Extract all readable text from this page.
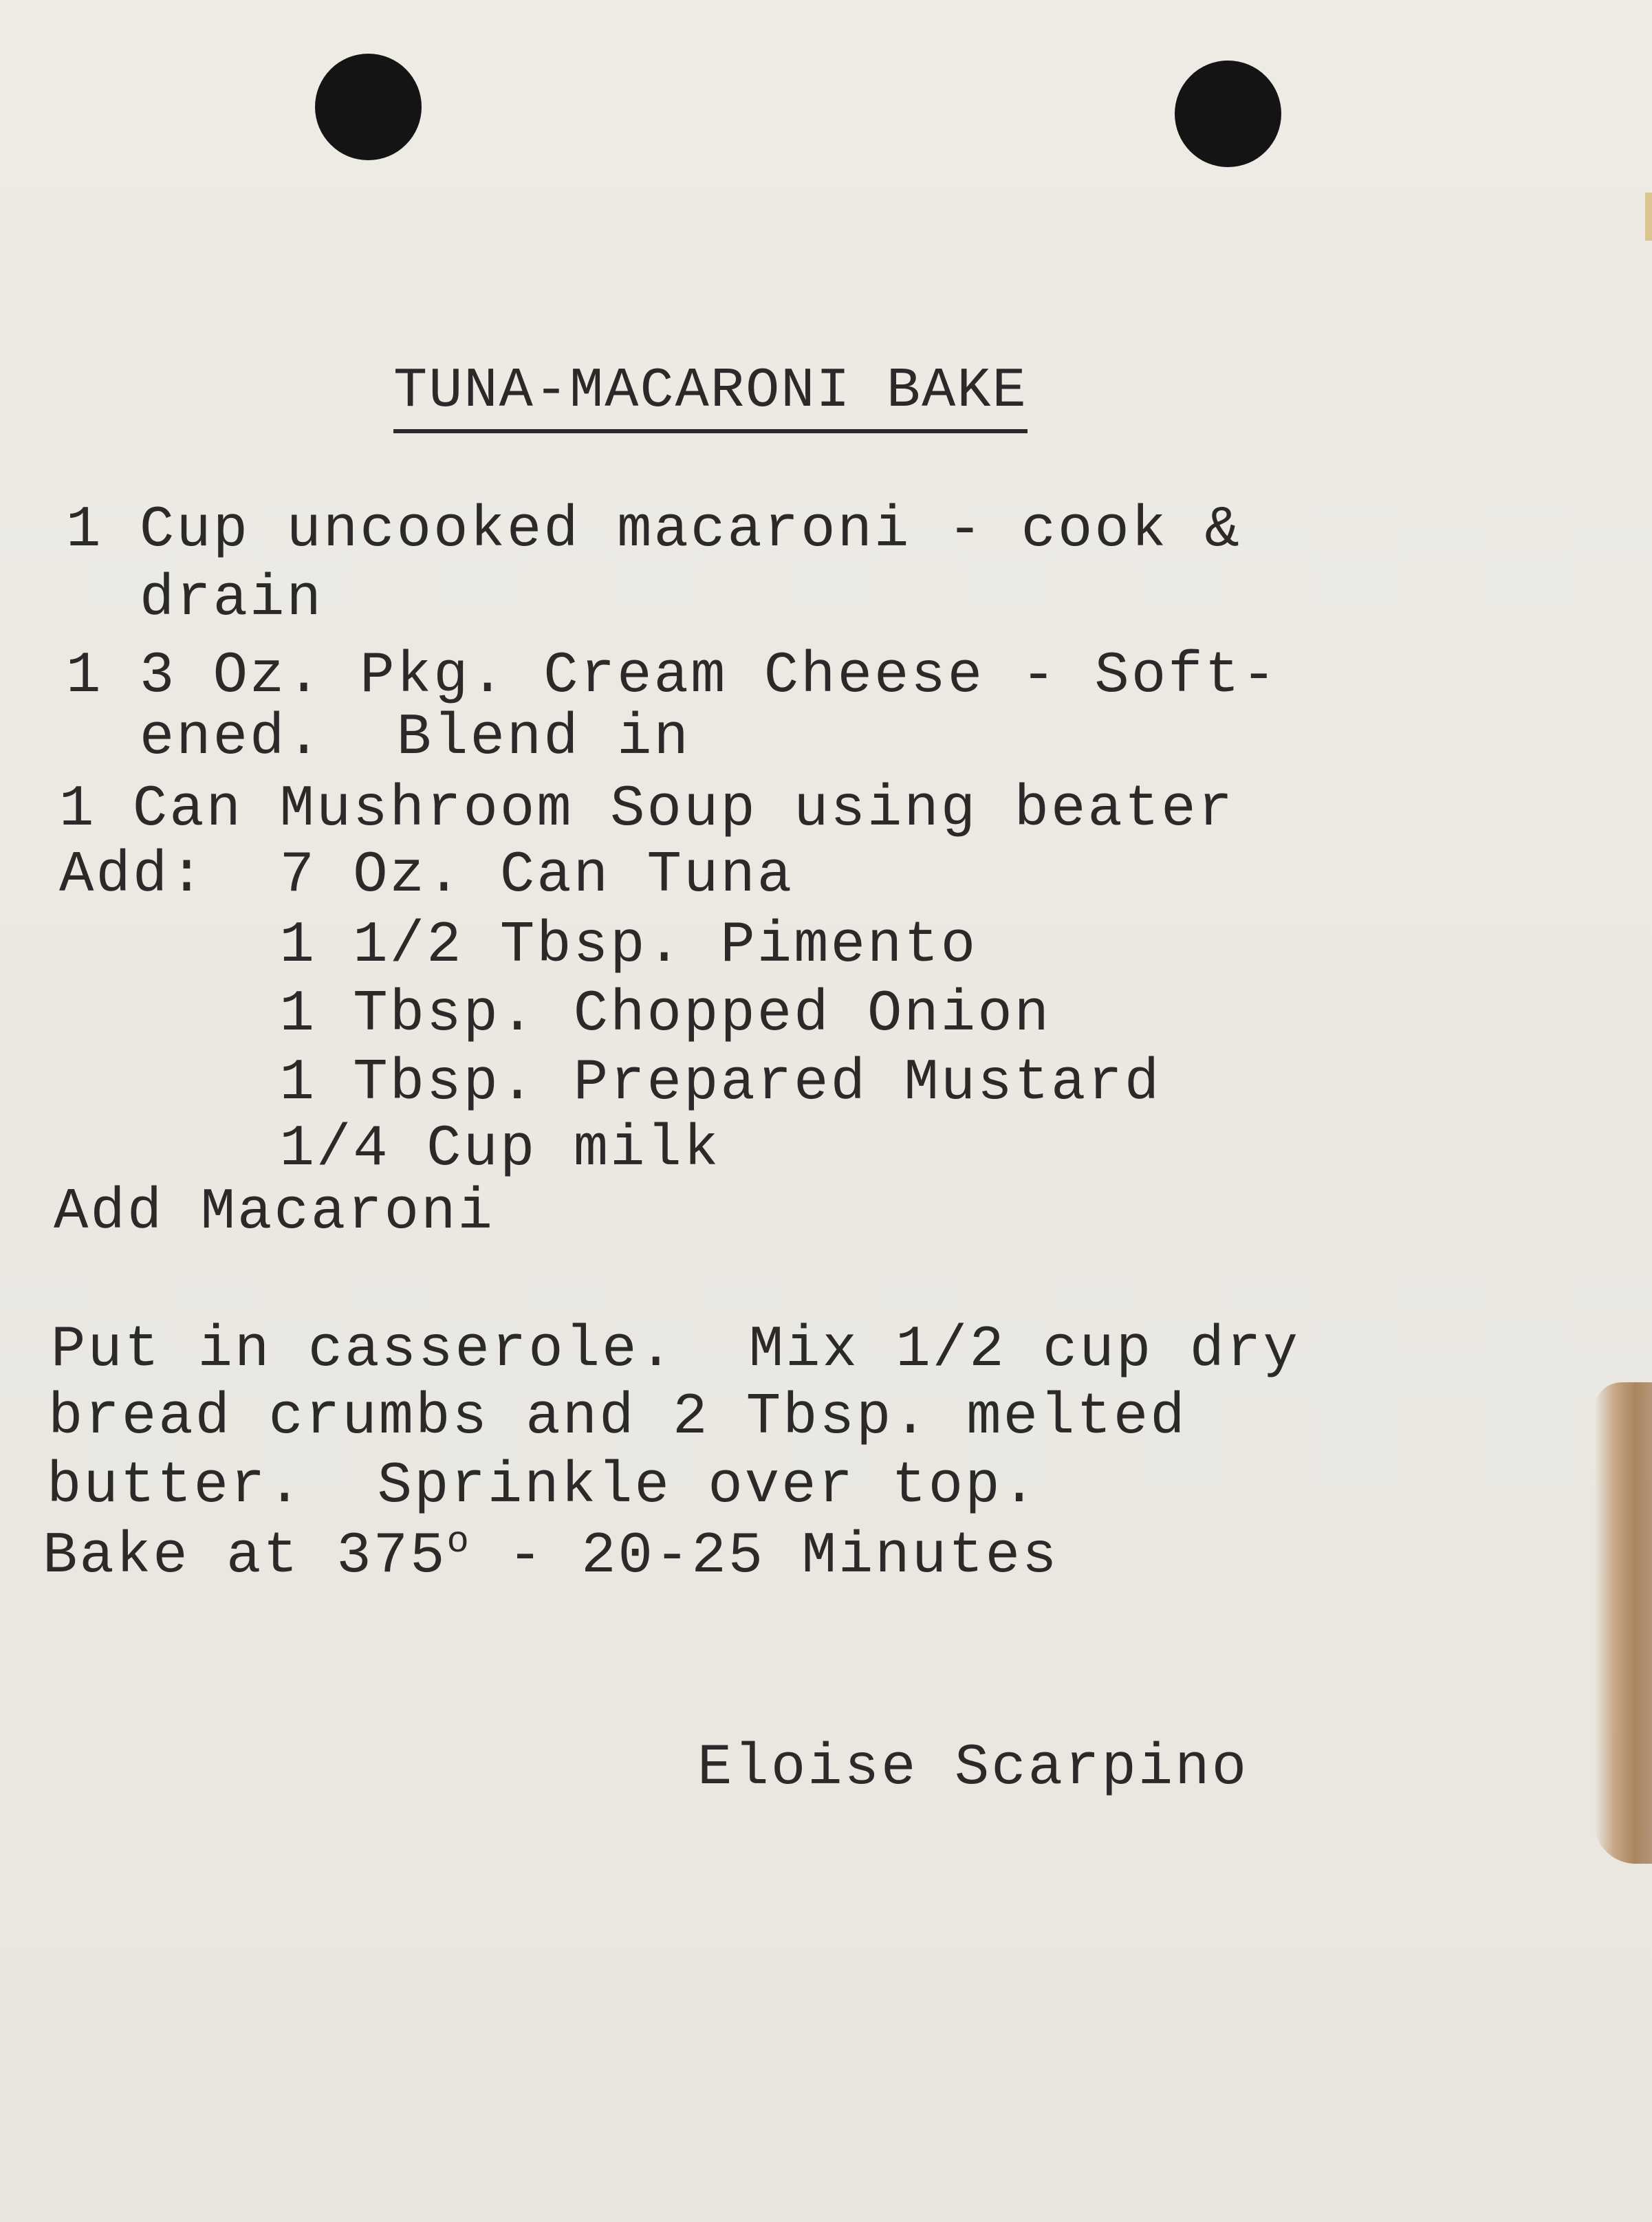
TUNA-MACARONI BAKE
1 Cup uncooked macaroni - cook &
drain
1 3 Oz. Pkg. Cream Cheese - Soft-
ened.  Blend in
1 Can Mushroom Soup using beater
Add:  7 Oz. Can Tuna
1 1/2 Tbsp. Pimento
1 Tbsp. Chopped Onion
1 Tbsp. Prepared Mustard
1/4 Cup milk
Add Macaroni
Put in casserole.  Mix 1/2 cup dry
bread crumbs and 2 Tbsp. melted
butter.  Sprinkle over top.
Bake at 375$^o$ - 20-25 Minutes
Eloise Scarpino
